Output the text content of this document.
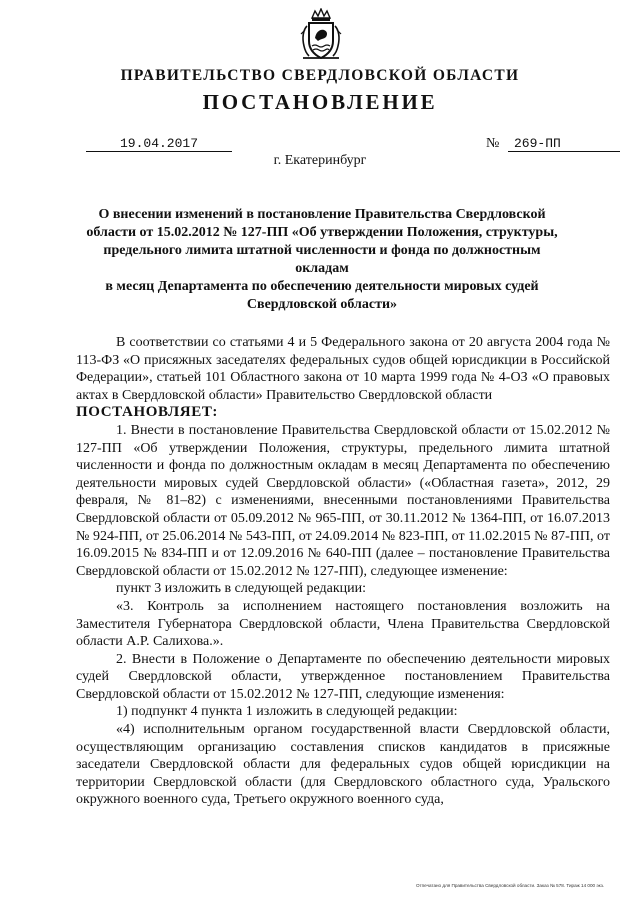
ПРАВИТЕЛЬСТВО СВЕРДЛОВСКОЙ ОБЛАСТИ
ПОСТАНОВЛЕНИЕ
19.04.2017	№	269-ПП
г. Екатеринбург
О внесении изменений в постановление Правительства Свердловской
области от 15.02.2012 № 127-ПП «Об утверждении Положения, структуры,
предельного лимита штатной численности и фонда по должностным окладам
в месяц Департамента по обеспечению деятельности мировых судей
Свердловской области»

В соответствии со статьями 4 и 5 Федерального закона от 20 августа 2004 года № 113-ФЗ «О присяжных заседателях федеральных судов общей юрисдикции в Российской Федерации», статьей 101 Областного закона от 10 марта 1999 года № 4-ОЗ «О правовых актах в Свердловской области» Правительство Свердловской области

ПОСТАНОВЛЯЕТ:

1. Внести в постановление Правительства Свердловской области от 15.02.2012 № 127-ПП «Об утверждении Положения, структуры, предельного лимита штатной численности и фонда по должностным окладам в месяц Департамента по обеспечению деятельности мировых судей Свердловской области» («Областная газета», 2012, 29 февраля, № 81–82) с изменениями, внесенными постановлениями Правительства Свердловской области от 05.09.2012 № 965-ПП, от 30.11.2012 № 1364-ПП, от 16.07.2013 № 924-ПП, от 25.06.2014 № 543-ПП, от 24.09.2014 № 823-ПП, от 11.02.2015 № 87-ПП, от 16.09.2015 № 834-ПП и от 12.09.2016 № 640-ПП (далее – постановление Правительства Свердловской области от 15.02.2012 № 127-ПП), следующее изменение:

пункт 3 изложить в следующей редакции:

«3. Контроль за исполнением настоящего постановления возложить на Заместителя Губернатора Свердловской области, Члена Правительства Свердловской области А.Р. Салихова.».

2. Внести в Положение о Департаменте по обеспечению деятельности мировых судей Свердловской области, утвержденное постановлением Правительства Свердловской области от 15.02.2012 № 127-ПП, следующие изменения:

1) подпункт 4 пункта 1 изложить в следующей редакции:

«4) исполнительным органом государственной власти Свердловской области, осуществляющим организацию составления списков кандидатов в присяжные заседатели Свердловской области для федеральных судов общей юрисдикции на территории Свердловской области (для Свердловского областного суда, Уральского окружного военного суда, Третьего окружного военного суда,

Отпечатано для Правительства Свердловской области. Заказ № 578. Тираж 14 000 экз.
